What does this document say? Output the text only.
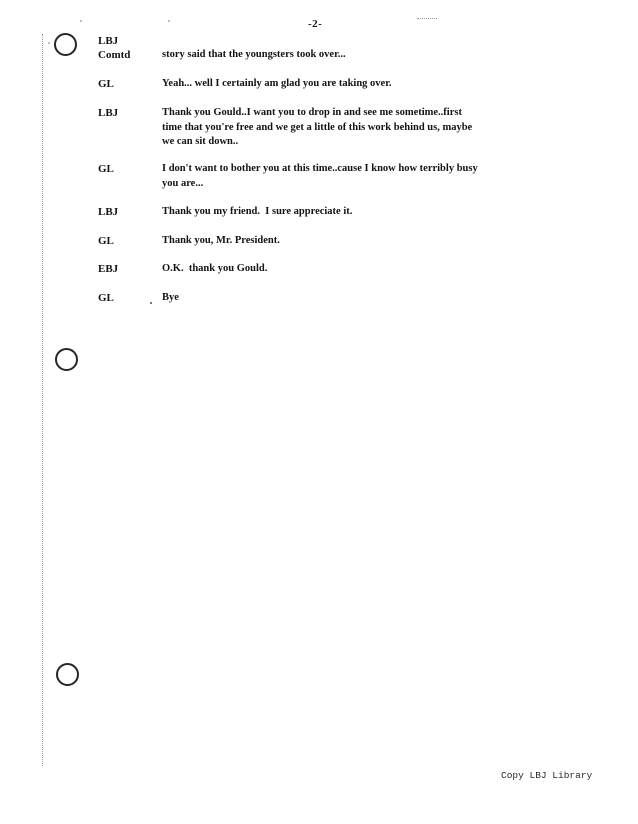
-2-
LBJ
Comtd	story said that the youngsters took over...
GL	Yeah... well I certainly am glad you are taking over.
LBJ	Thank you Gould..I want you to drop in and see me sometime..first
time that you're free and we get a little of this work behind us, maybe
we can sit down..
GL	I don't want to bother you at this time..cause I know how terribly busy
you are...
LBJ	Thank you my friend.  I sure appreciate it.
GL	Thank you, Mr. President.
EBJ	O.K.  thank you Gould.
GL	Bye
Copy LBJ Library
